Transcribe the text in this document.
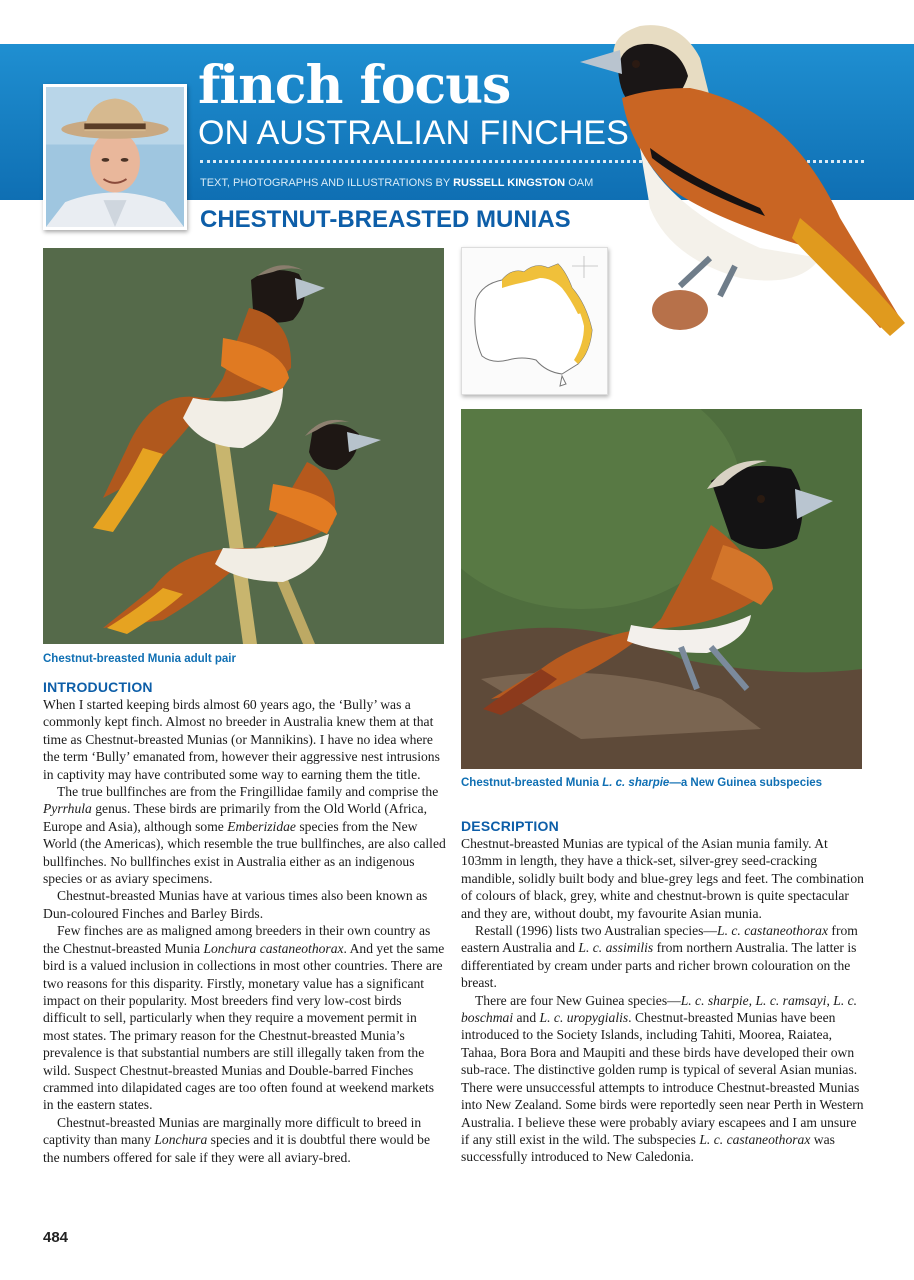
finch focus
ON AUSTRALIAN FINCHES
TEXT, PHOTOGRAPHS AND ILLUSTRATIONS BY RUSSELL KINGSTON OAM
CHESTNUT-BREASTED MUNIAS
Chestnut-breasted Munia adult pair
Chestnut-breasted Munia L. c. sharpie—a New Guinea subspecies
INTRODUCTION

When I started keeping birds almost 60 years ago, the ‘Bully’ was a commonly kept finch. Almost no breeder in Australia knew them at that time as Chestnut-breasted Munias (or Mannikins). I have no idea where the term ‘Bully’ emanated from, however their aggressive nest intrusions in captivity may have contributed some way to earning them the title.

The true bullfinches are from the Fringillidae family and comprise the Pyrrhula genus. These birds are primarily from the Old World (Africa, Europe and Asia), although some Emberizidae species from the New World (the Americas), which resemble the true bullfinches, are also called bullfinches. No bullfinches exist in Australia either as an indigenous species or as aviary specimens.

Chestnut-breasted Munias have at various times also been known as Dun-coloured Finches and Barley Birds.

Few finches are as maligned among breeders in their own country as the Chestnut-breasted Munia Lonchura castaneothorax. And yet the same bird is a valued inclusion in collections in most other countries. There are two reasons for this disparity. Firstly, monetary value has a significant impact on their popularity. Most breeders find very low-cost birds difficult to sell, particularly when they require a movement permit in most states. The primary reason for the Chestnut-breasted Munia’s prevalence is that substantial numbers are still illegally taken from the wild. Suspect Chestnut-breasted Munias and Double-barred Finches crammed into dilapidated cages are too often found at weekend markets in the eastern states.

Chestnut-breasted Munias are marginally more difficult to breed in captivity than many Lonchura species and it is doubtful there would be the numbers offered for sale if they were all aviary-bred.

DESCRIPTION

Chestnut-breasted Munias are typical of the Asian munia family. At 103mm in length, they have a thick-set, silver-grey seed-cracking mandible, solidly built body and blue-grey legs and feet. The combination of colours of black, grey, white and chestnut-brown is quite spectacular and they are, without doubt, my favourite Asian munia.

Restall (1996) lists two Australian species—L. c. castaneothorax from eastern Australia and L. c. assimilis from northern Australia. The latter is differentiated by cream under parts and richer brown colouration on the breast.

There are four New Guinea species—L. c. sharpie, L. c. ramsayi, L. c. boschmai and L. c. uropygialis. Chestnut-breasted Munias have been introduced to the Society Islands, including Tahiti, Moorea, Raiatea, Tahaa, Bora Bora and Maupiti and these birds have developed their own sub-race. The distinctive golden rump is typical of several Asian munias. There were unsuccessful attempts to introduce Chestnut-breasted Munias into New Zealand. Some birds were reportedly seen near Perth in Western Australia. I believe these were probably aviary escapees and I am unsure if any still exist in the wild. The subspecies L. c. castaneothorax was successfully introduced to New Caledonia.

484
